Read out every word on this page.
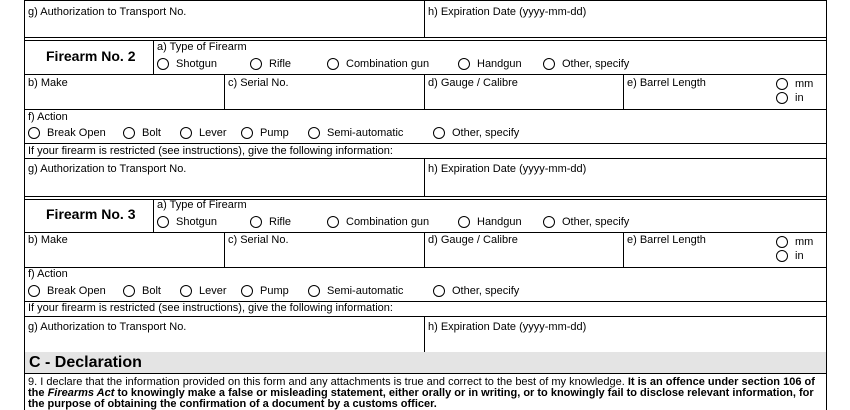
g) Authorization to Transport No.	h) Expiration Date (yyyy-mm-dd)
Firearm No. 2
a) Type of Firearm
Shotgun	Rifle	Combination gun	Handgun	Other, specify
b) Make	c) Serial No.	d) Gauge / Calibre	e) Barrel Length	mm
in
f) Action
Break Open	Bolt	Lever	Pump	Semi-automatic	Other, specify
If your firearm is restricted (see instructions), give the following information:
g) Authorization to Transport No.	h) Expiration Date (yyyy-mm-dd)
Firearm No. 3
a) Type of Firearm
Shotgun	Rifle	Combination gun	Handgun	Other, specify
b) Make	c) Serial No.	d) Gauge / Calibre	e) Barrel Length	mm
in
f) Action
Break Open	Bolt	Lever	Pump	Semi-automatic	Other, specify
If your firearm is restricted (see instructions), give the following information:
g) Authorization to Transport No.	h) Expiration Date (yyyy-mm-dd)
C - Declaration
9. I declare that the information provided on this form and any attachments is true and correct to the best of my knowledge. It is an offence under section 106 of the Firearms Act to knowingly make a false or misleading statement, either orally or in writing, or to knowingly fail to disclose relevant information, for the purpose of obtaining the confirmation of a document by a customs officer.
